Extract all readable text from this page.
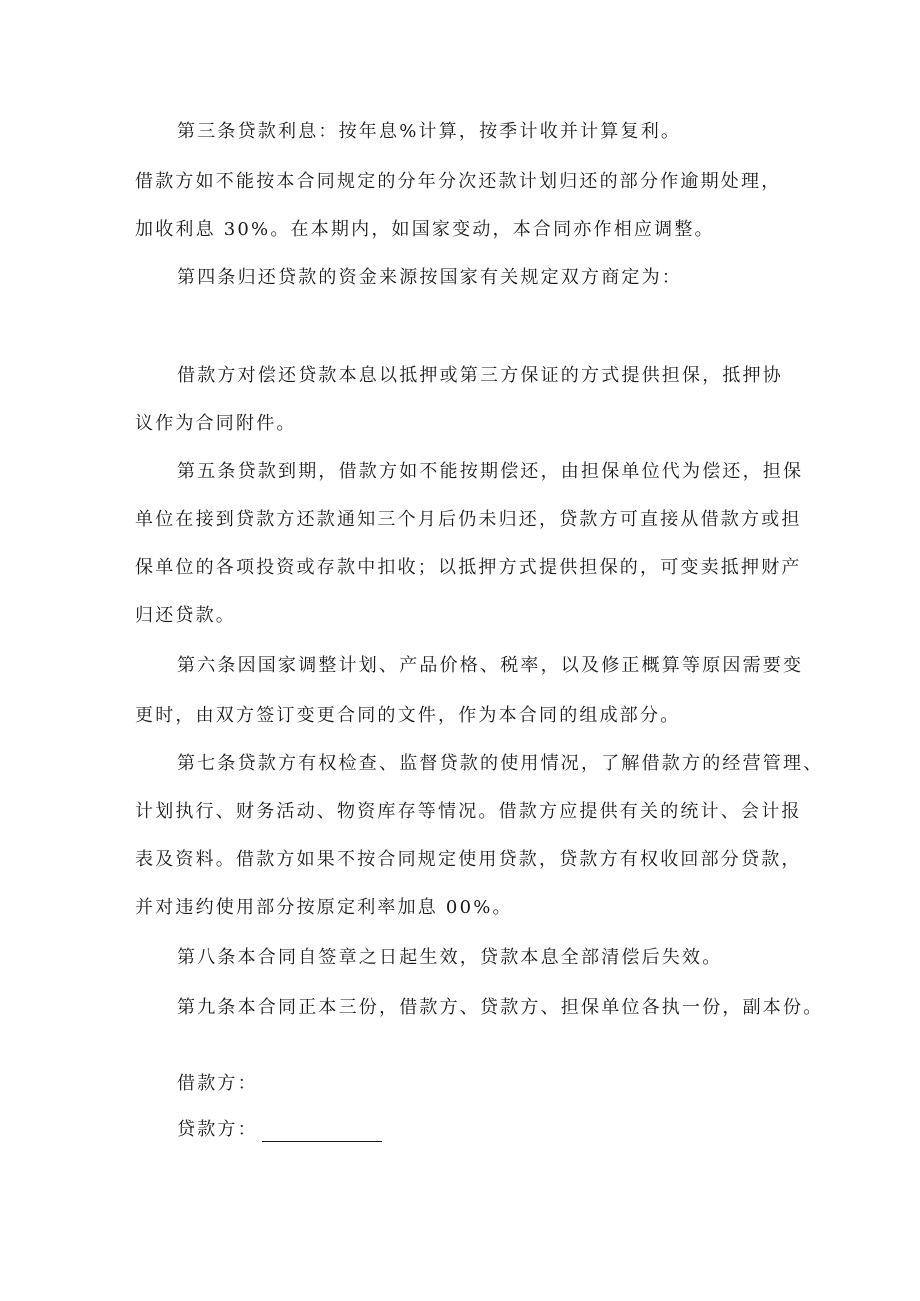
第三条贷款利息：按年息%计算，按季计收并计算复利。
借款方如不能按本合同规定的分年分次还款计划归还的部分作逾期处理，
加收利息 30%。在本期内，如国家变动，本合同亦作相应调整。
第四条归还贷款的资金来源按国家有关规定双方商定为：
借款方对偿还贷款本息以抵押或第三方保证的方式提供担保，抵押协
议作为合同附件。
第五条贷款到期，借款方如不能按期偿还，由担保单位代为偿还，担保
单位在接到贷款方还款通知三个月后仍未归还，贷款方可直接从借款方或担
保单位的各项投资或存款中扣收；以抵押方式提供担保的，可变卖抵押财产
归还贷款。
第六条因国家调整计划、产品价格、税率，以及修正概算等原因需要变
更时，由双方签订变更合同的文件，作为本合同的组成部分。
第七条贷款方有权检查、监督贷款的使用情况，了解借款方的经营管理、
计划执行、财务活动、物资库存等情况。借款方应提供有关的统计、会计报
表及资料。借款方如果不按合同规定使用贷款，贷款方有权收回部分贷款，
并对违约使用部分按原定利率加息 00%。
第八条本合同自签章之日起生效，贷款本息全部清偿后失效。
第九条本合同正本三份，借款方、贷款方、担保单位各执一份，副本份。
借款方：
贷款方：
